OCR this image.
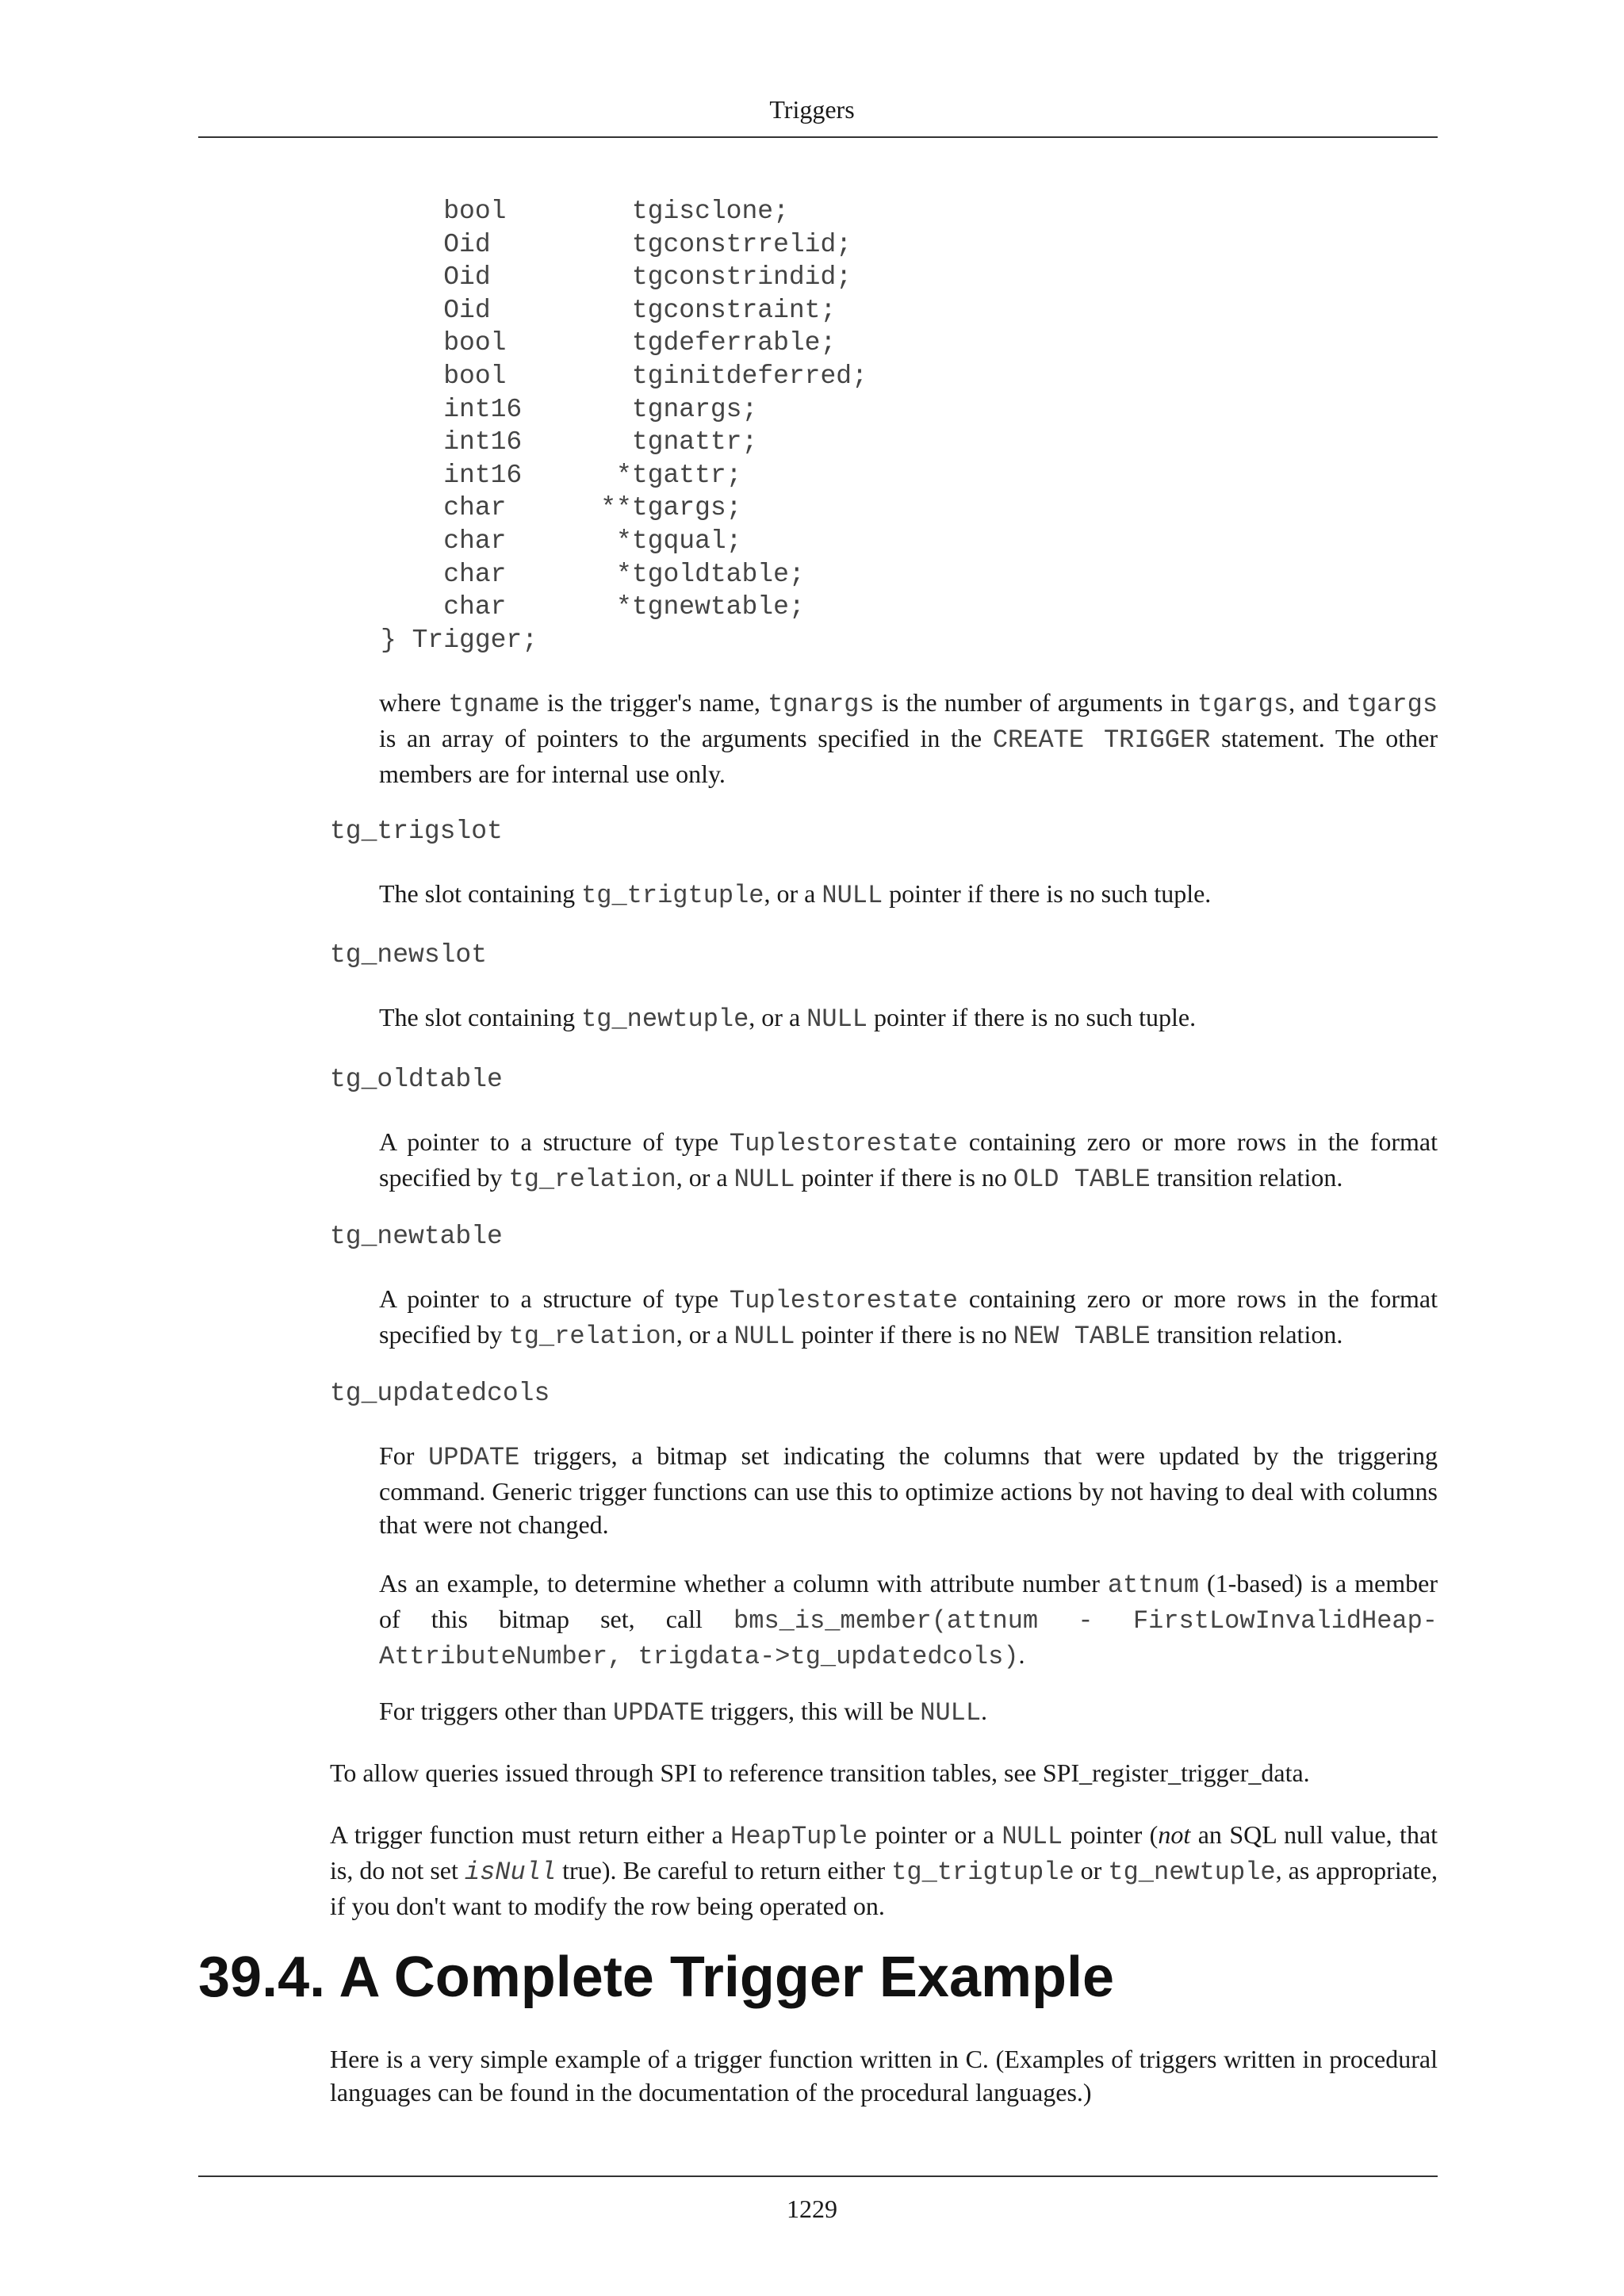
Triggers
bool        tgisclone;
Oid         tgconstrrelid;
Oid         tgconstrindid;
Oid         tgconstraint;
bool        tgdeferrable;
bool        tginitdeferred;
int16       tgnargs;
int16       tgnattr;
int16      *tgattr;
char      **tgargs;
char       *tgqual;
char       *tgoldtable;
char       *tgnewtable;
} Trigger;

where tgname is the trigger's name, tgnargs is the number of arguments in tgargs, and tgargs is an array of pointers to the arguments specified in the CREATE TRIGGER statement. The other members are for internal use only.

tg_trigslot

The slot containing tg_trigtuple, or a NULL pointer if there is no such tuple.

tg_newslot

The slot containing tg_newtuple, or a NULL pointer if there is no such tuple.

tg_oldtable

A pointer to a structure of type Tuplestorestate containing zero or more rows in the format specified by tg_relation, or a NULL pointer if there is no OLD TABLE transition relation.

tg_newtable

A pointer to a structure of type Tuplestorestate containing zero or more rows in the format specified by tg_relation, or a NULL pointer if there is no NEW TABLE transition relation.

tg_updatedcols

For UPDATE triggers, a bitmap set indicating the columns that were updated by the triggering command. Generic trigger functions can use this to optimize actions by not having to deal with columns that were not changed.

As an example, to determine whether a column with attribute number attnum (1-based) is a member of this bitmap set, call bms_is_member(attnum - FirstLowInvalidHeapAttributeNumber, trigdata->tg_updatedcols).

For triggers other than UPDATE triggers, this will be NULL.

To allow queries issued through SPI to reference transition tables, see SPI_register_trigger_data.

A trigger function must return either a HeapTuple pointer or a NULL pointer (not an SQL null value, that is, do not set isNull true). Be careful to return either tg_trigtuple or tg_newtuple, as appropriate, if you don't want to modify the row being operated on.

39.4. A Complete Trigger Example

Here is a very simple example of a trigger function written in C. (Examples of triggers written in procedural languages can be found in the documentation of the procedural languages.)

1229
